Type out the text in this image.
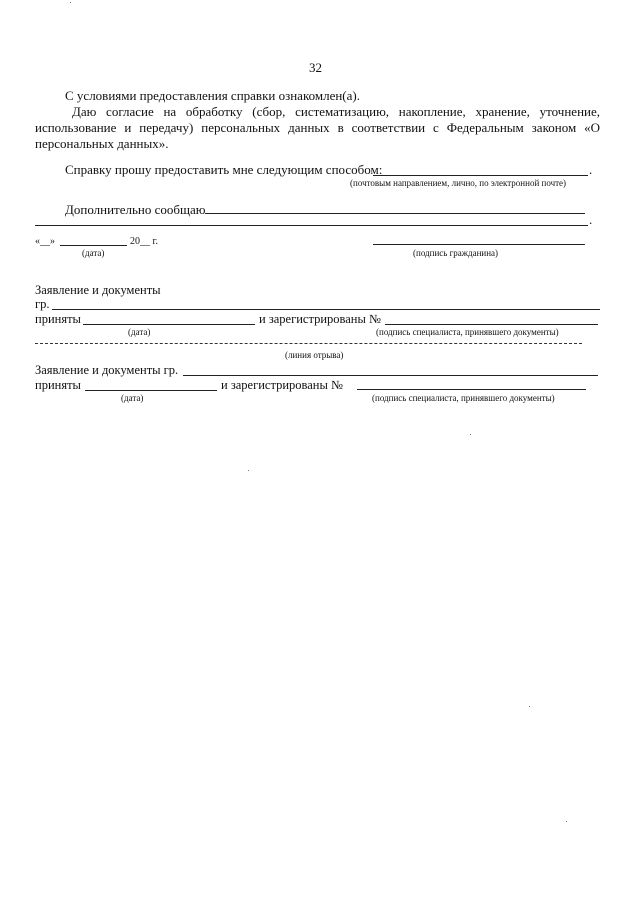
32
С условиями предоставления справки ознакомлен(а).
Даю согласие на обработку (сбор, систематизацию, накопление, хранение, уточнение, использование и передачу) персональных данных в соответствии с Федеральным законом «О персональных данных».
Справку прошу предоставить мне следующим способом:	.
(почтовым направлением, лично, по электронной почте)
Дополнительно сообщаю
.
«__»	20__ г.
(дата)	(подпись гражданина)
Заявление и документы
гр.
приняты	и зарегистрированы №
(дата)	(подпись специалиста, принявшего документы)
(линия отрыва)
Заявление и документы гр.
приняты	и зарегистрированы №
(дата)	(подпись специалиста, принявшего документы)
